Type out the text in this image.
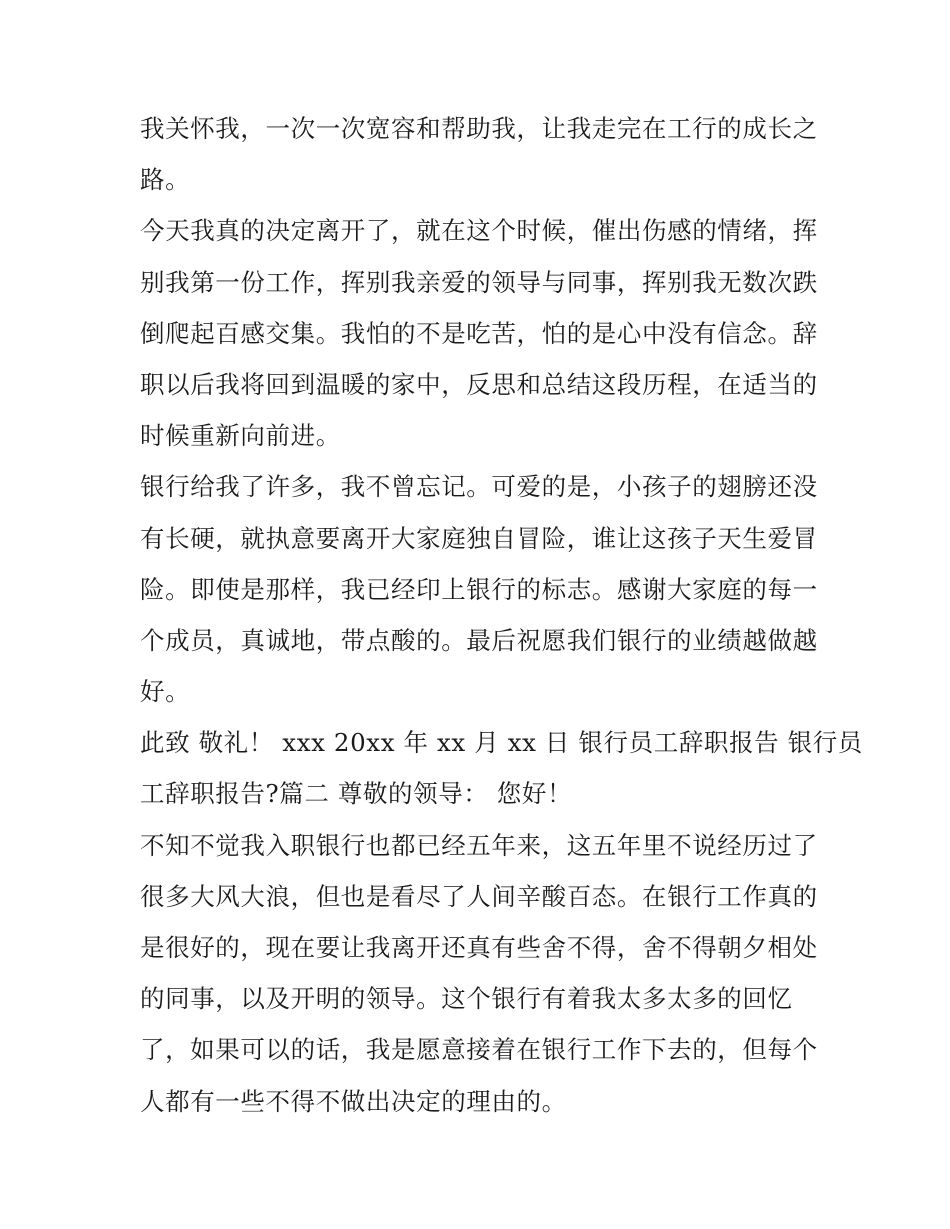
我关怀我，一次一次宽容和帮助我，让我走完在工行的成长之
路。
今天我真的决定离开了，就在这个时候，催出伤感的情绪，挥
别我第一份工作，挥别我亲爱的领导与同事，挥别我无数次跌
倒爬起百感交集。我怕的不是吃苦，怕的是心中没有信念。辞
职以后我将回到温暖的家中，反思和总结这段历程，在适当的
时候重新向前进。
银行给我了许多，我不曾忘记。可爱的是，小孩子的翅膀还没
有长硬，就执意要离开大家庭独自冒险，谁让这孩子天生爱冒
险。即使是那样，我已经印上银行的标志。感谢大家庭的每一
个成员，真诚地，带点酸的。最后祝愿我们银行的业绩越做越
好。
此致 敬礼！ xxx 20xx 年 xx 月 xx 日 银行员工辞职报告 银行员
工辞职报告?篇二 尊敬的领导： 您好！
不知不觉我入职银行也都已经五年来，这五年里不说经历过了
很多大风大浪，但也是看尽了人间辛酸百态。在银行工作真的
是很好的，现在要让我离开还真有些舍不得，舍不得朝夕相处
的同事，以及开明的领导。这个银行有着我太多太多的回忆
了，如果可以的话，我是愿意接着在银行工作下去的，但每个
人都有一些不得不做出决定的理由的。
